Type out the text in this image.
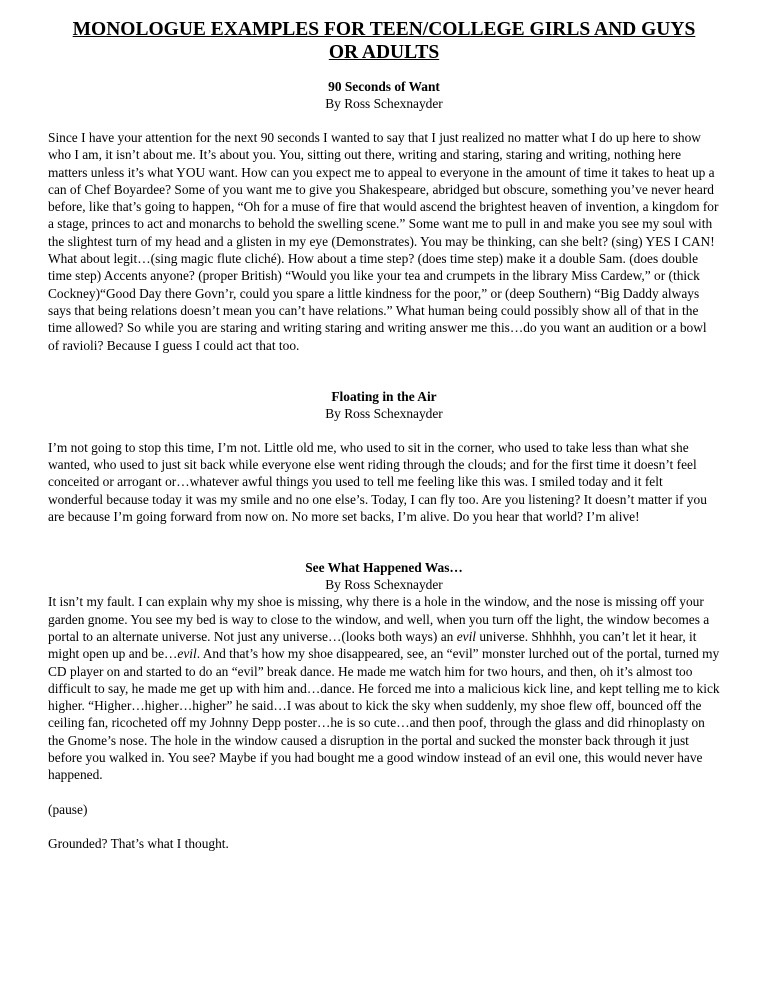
MONOLOGUE EXAMPLES FOR TEEN/COLLEGE GIRLS AND GUYS OR ADULTS

90 Seconds of Want

By Ross Schexnayder

Since I have your attention for the next 90 seconds I wanted to say that I just realized no matter what I do up here to show who I am, it isn’t about me. It’s about you. You, sitting out there, writing and staring, staring and writing, nothing here matters unless it’s what YOU want. How can you expect me to appeal to everyone in the amount of time it takes to heat up a can of Chef Boyardee? Some of you want me to give you Shakespeare, abridged but obscure, something you’ve never heard before, like that’s going to happen, “Oh for a muse of fire that would ascend the brightest heaven of invention, a kingdom for a stage, princes to act and monarchs to behold the swelling scene.” Some want me to pull in and make you see my soul with the slightest turn of my head and a glisten in my eye (Demonstrates). You may be thinking, can she belt? (sing) YES I CAN! What about legit…(sing magic flute cliché). How about a time step? (does time step) make it a double Sam. (does double time step) Accents anyone? (proper British) “Would you like your tea and crumpets in the library Miss Cardew,” or (thick Cockney)“Good Day there Govn’r, could you spare a little kindness for the poor,” or (deep Southern) “Big Daddy always says that being relations doesn’t mean you can’t have relations.” What human being could possibly show all of that in the time allowed? So while you are staring and writing staring and writing answer me this…do you want an audition or a bowl of ravioli? Because I guess I could act that too.

Floating in the Air

By Ross Schexnayder

I’m not going to stop this time, I’m not. Little old me, who used to sit in the corner, who used to take less than what she wanted, who used to just sit back while everyone else went riding through the clouds; and for the first time it doesn’t feel conceited or arrogant or…whatever awful things you used to tell me feeling like this was. I smiled today and it felt wonderful because today it was my smile and no one else’s. Today, I can fly too. Are you listening? It doesn’t matter if you are because I’m going forward from now on. No more set backs, I’m alive. Do you hear that world? I’m alive!

See What Happened Was…

By Ross Schexnayder

It isn’t my fault. I can explain why my shoe is missing, why there is a hole in the window, and the nose is missing off your garden gnome. You see my bed is way to close to the window, and well, when you turn off the light, the window becomes a portal to an alternate universe. Not just any universe…(looks both ways) an evil universe. Shhhhh, you can’t let it hear, it might open up and be…evil. And that’s how my shoe disappeared, see, an “evil” monster lurched out of the portal, turned my CD player on and started to do an “evil” break dance. He made me watch him for two hours, and then, oh it’s almost too difficult to say, he made me get up with him and…dance. He forced me into a malicious kick line, and kept telling me to kick higher. “Higher…higher…higher” he said…I was about to kick the sky when suddenly, my shoe flew off, bounced off the ceiling fan, ricocheted off my Johnny Depp poster…he is so cute…and then poof, through the glass and did rhinoplasty on the Gnome’s nose. The hole in the window caused a disruption in the portal and sucked the monster back through it just before you walked in. You see? Maybe if you had bought me a good window instead of an evil one, this would never have happened.

(pause)

Grounded? That’s what I thought.
